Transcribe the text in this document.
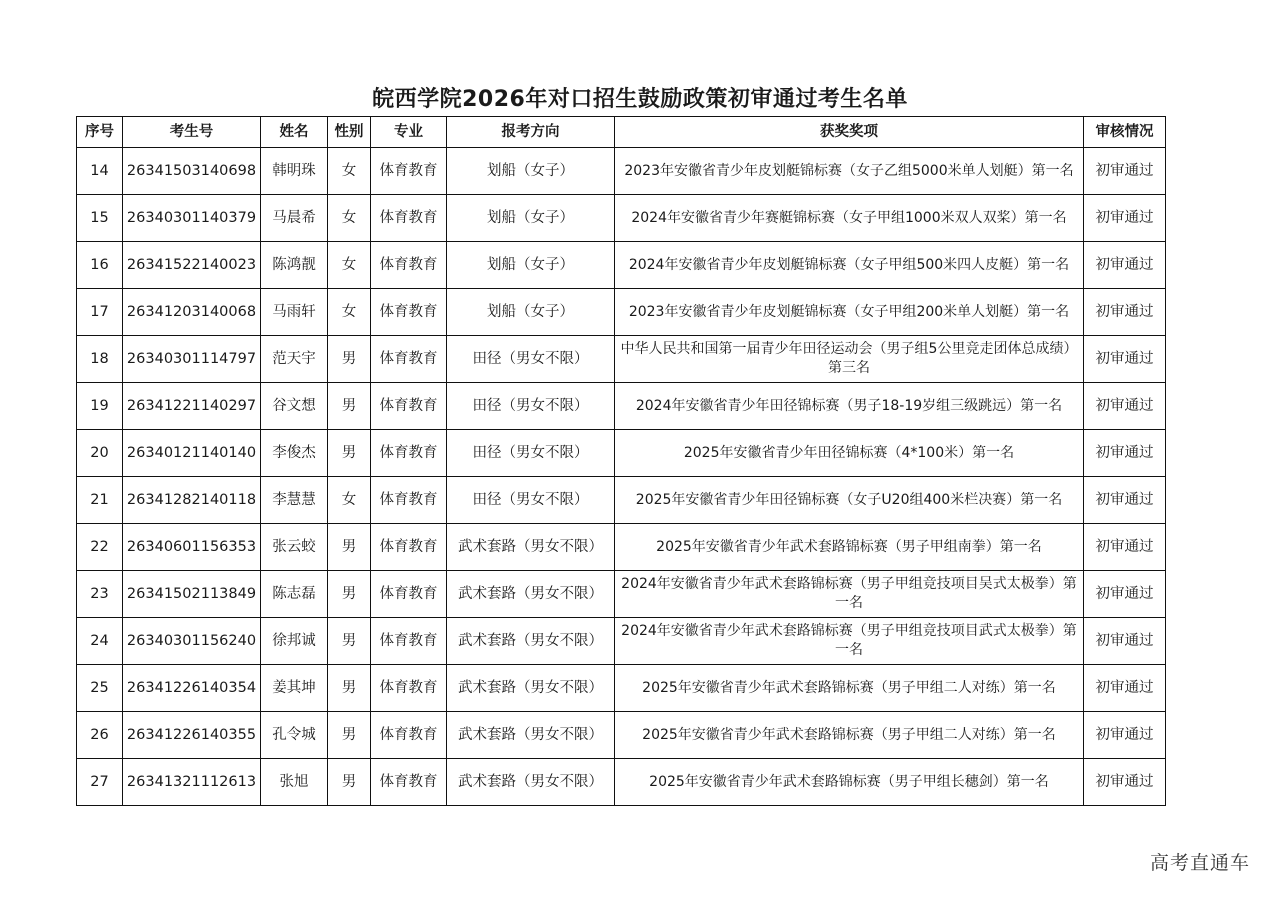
皖西学院2026年对口招生鼓励政策初审通过考生名单
序号	考生号	姓名	性别	专业	报考方向	获奖奖项	审核情况
14	26341503140698	韩明珠	女	体育教育	划船（女子）	2023年安徽省青少年皮划艇锦标赛（女子乙组5000米单人划艇）第一名	初审通过
15	26340301140379	马晨希	女	体育教育	划船（女子）	2024年安徽省青少年赛艇锦标赛（女子甲组1000米双人双桨）第一名	初审通过
16	26341522140023	陈鸿靓	女	体育教育	划船（女子）	2024年安徽省青少年皮划艇锦标赛（女子甲组500米四人皮艇）第一名	初审通过
17	26341203140068	马雨轩	女	体育教育	划船（女子）	2023年安徽省青少年皮划艇锦标赛（女子甲组200米单人划艇）第一名	初审通过
18	26340301114797	范天宇	男	体育教育	田径（男女不限）	中华人民共和国第一届青少年田径运动会（男子组5公里竞走团体总成绩）第三名	初审通过
19	26341221140297	谷文想	男	体育教育	田径（男女不限）	2024年安徽省青少年田径锦标赛（男子18-19岁组三级跳远）第一名	初审通过
20	26340121140140	李俊杰	男	体育教育	田径（男女不限）	2025年安徽省青少年田径锦标赛（4*100米）第一名	初审通过
21	26341282140118	李慧慧	女	体育教育	田径（男女不限）	2025年安徽省青少年田径锦标赛（女子U20组400米栏决赛）第一名	初审通过
22	26340601156353	张云蛟	男	体育教育	武术套路（男女不限）	2025年安徽省青少年武术套路锦标赛（男子甲组南拳）第一名	初审通过
23	26341502113849	陈志磊	男	体育教育	武术套路（男女不限）	2024年安徽省青少年武术套路锦标赛（男子甲组竞技项目吴式太极拳）第一名	初审通过
24	26340301156240	徐邦诚	男	体育教育	武术套路（男女不限）	2024年安徽省青少年武术套路锦标赛（男子甲组竞技项目武式太极拳）第一名	初审通过
25	26341226140354	姜其坤	男	体育教育	武术套路（男女不限）	2025年安徽省青少年武术套路锦标赛（男子甲组二人对练）第一名	初审通过
26	26341226140355	孔令城	男	体育教育	武术套路（男女不限）	2025年安徽省青少年武术套路锦标赛（男子甲组二人对练）第一名	初审通过
27	26341321112613	张旭	男	体育教育	武术套路（男女不限）	2025年安徽省青少年武术套路锦标赛（男子甲组长穗剑）第一名	初审通过
高考直通车
